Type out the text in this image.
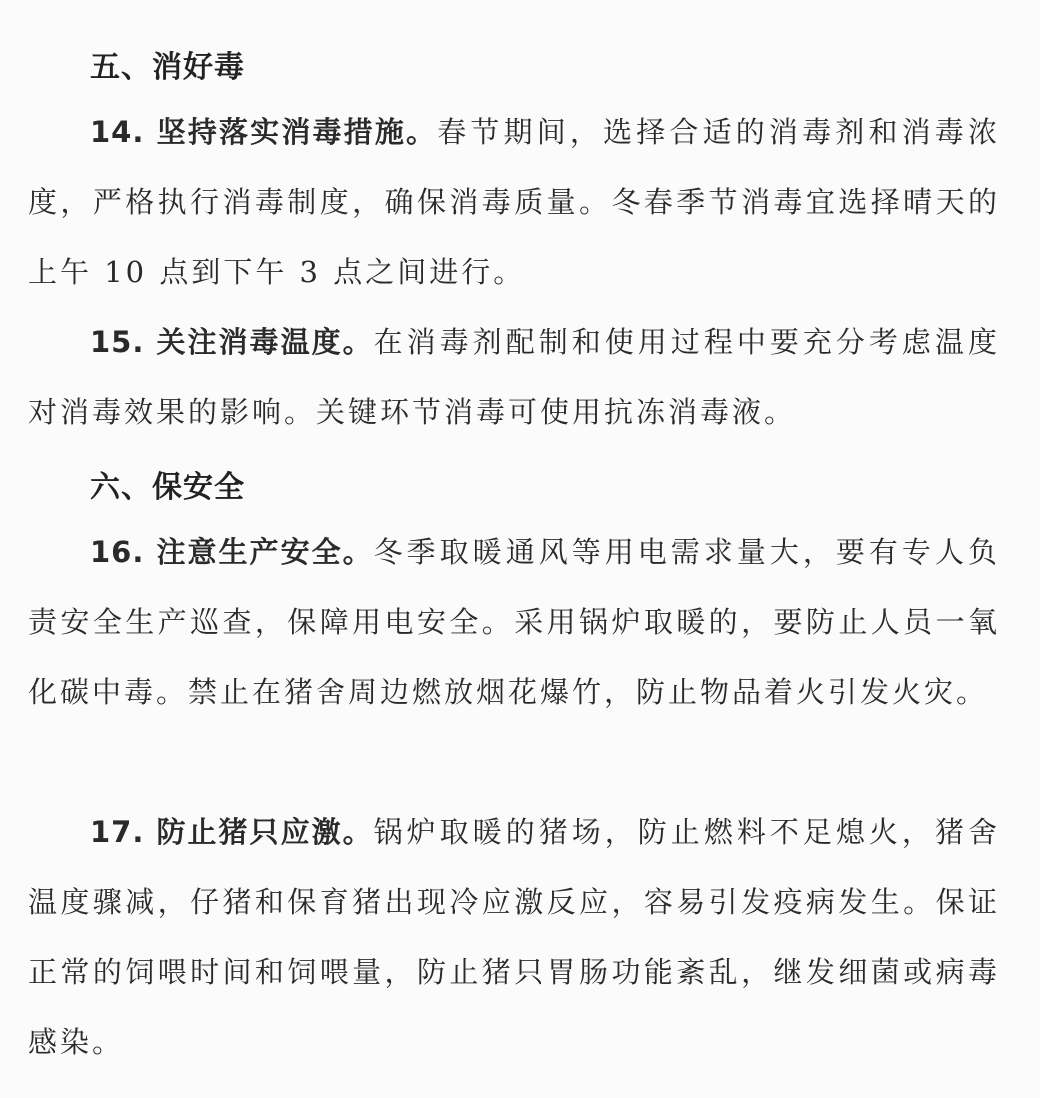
五、消好毒
14. 坚持落实消毒措施。春节期间，选择合适的消毒剂和消毒浓度，严格执行消毒制度，确保消毒质量。冬春季节消毒宜选择晴天的上午 10 点到下午 3 点之间进行。
15. 关注消毒温度。在消毒剂配制和使用过程中要充分考虑温度对消毒效果的影响。关键环节消毒可使用抗冻消毒液。
六、保安全
16. 注意生产安全。冬季取暖通风等用电需求量大，要有专人负责安全生产巡查，保障用电安全。采用锅炉取暖的，要防止人员一氧化碳中毒。禁止在猪舍周边燃放烟花爆竹，防止物品着火引发火灾。
17. 防止猪只应激。锅炉取暖的猪场，防止燃料不足熄火，猪舍温度骤减，仔猪和保育猪出现冷应激反应，容易引发疫病发生。保证正常的饲喂时间和饲喂量，防止猪只胃肠功能紊乱，继发细菌或病毒感染。
